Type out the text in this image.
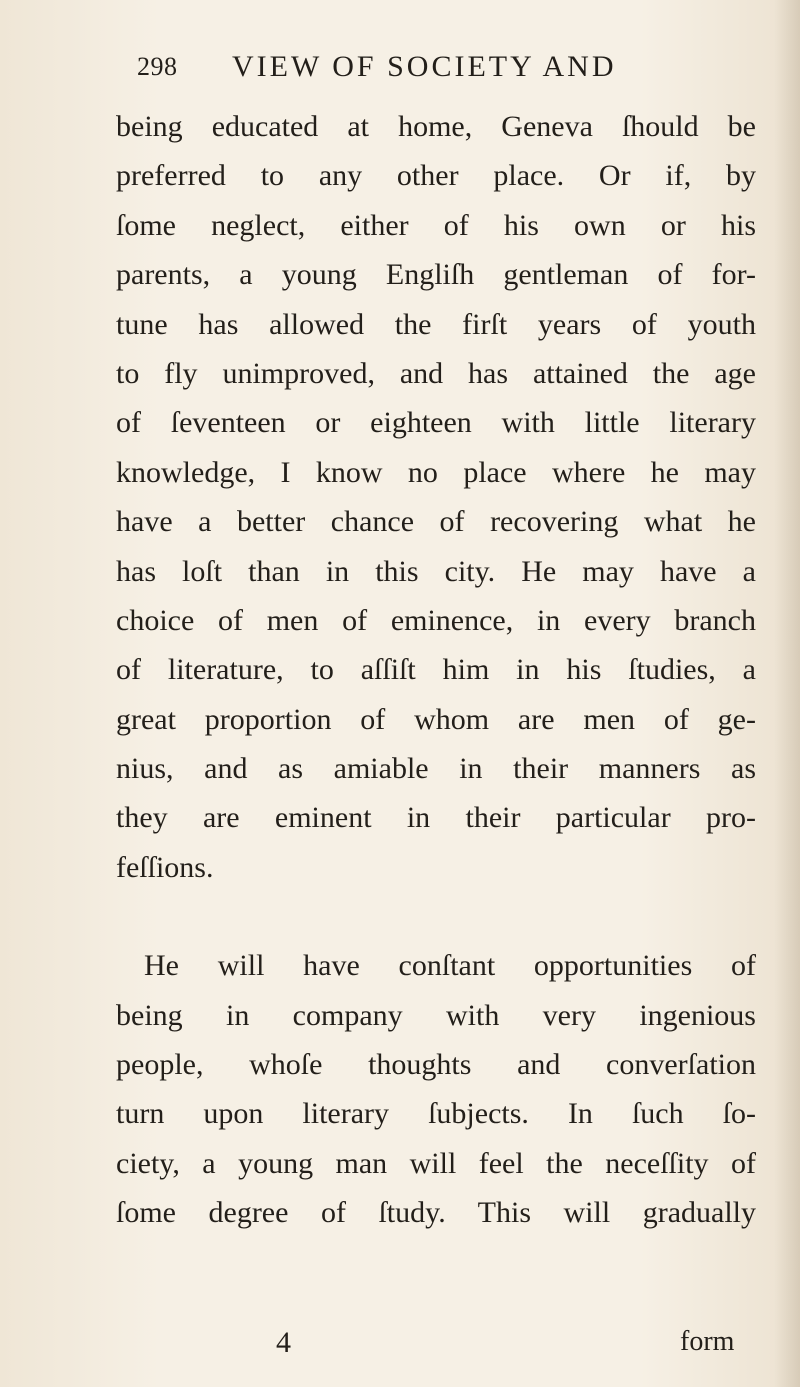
298 VIEW OF SOCIETY AND
being educated at home, Geneva ſhould be
preferred to any other place. Or if, by
ſome neglect, either of his own or his
parents, a young Engliſh gentleman of for-
tune has allowed the firſt years of youth
to fly unimproved, and has attained the age
of ſeventeen or eighteen with little literary
knowledge, I know no place where he may
have a better chance of recovering what he
has loſt than in this city. He may have a
choice of men of eminence, in every branch
of literature, to aſſiſt him in his ſtudies, a
great proportion of whom are men of ge-
nius, and as amiable in their manners as
they are eminent in their particular pro-
feſſions.
He will have conſtant opportunities of
being in company with very ingenious
people, whoſe thoughts and converſation
turn upon literary ſubjects. In ſuch ſo-
ciety, a young man will feel the neceſſity of
ſome degree of ſtudy. This will gradually
4	form
